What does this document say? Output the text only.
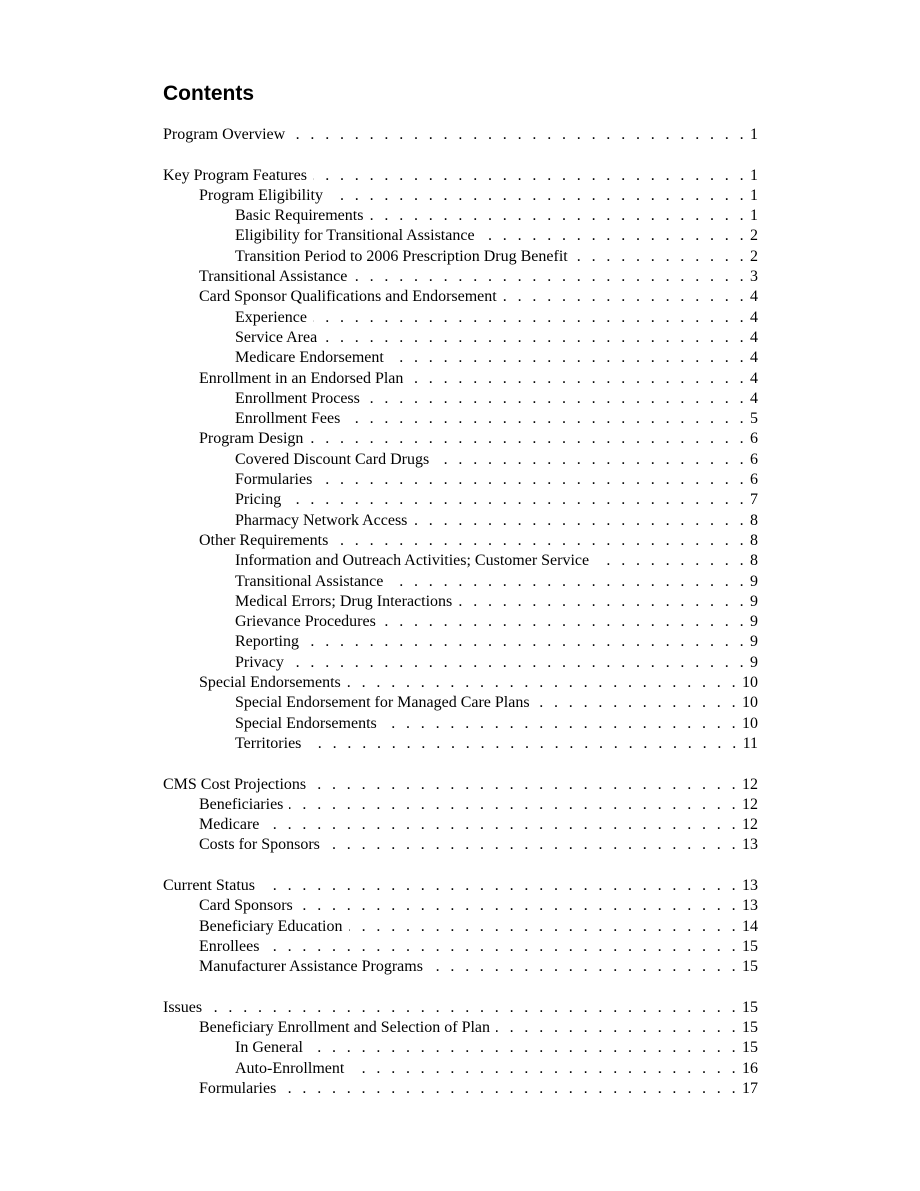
Contents
Program Overview . . .	1
Key Program Features . . .	1
Program Eligibility . . .	1
Basic Requirements . . .	1
Eligibility for Transitional Assistance . . .	2
Transition Period to 2006 Prescription Drug Benefit . . .	2
Transitional Assistance . . .	3
Card Sponsor Qualifications and Endorsement . . .	4
Experience . . .	4
Service Area . . .	4
Medicare Endorsement . . .	4
Enrollment in an Endorsed Plan . . .	4
Enrollment Process . . .	4
Enrollment Fees . . .	5
Program Design . . .	6
Covered Discount Card Drugs . . .	6
Formularies . . .	6
Pricing . . .	7
Pharmacy Network Access . . .	8
Other Requirements . . .	8
Information and Outreach Activities; Customer Service . . .	8
Transitional Assistance . . .	9
Medical Errors; Drug Interactions . . .	9
Grievance Procedures . . .	9
Reporting . . .	9
Privacy . . .	9
Special Endorsements . . .	10
Special Endorsement for Managed Care Plans . . .	10
Special Endorsements . . .	10
Territories . . .	11
CMS Cost Projections . . .	12
Beneficiaries . . .	12
Medicare . . .	12
Costs for Sponsors . . .	13
Current Status . . .	13
Card Sponsors . . .	13
Beneficiary Education . . .	14
Enrollees . . .	15
Manufacturer Assistance Programs . . .	15
Issues . . .	15
Beneficiary Enrollment and Selection of Plan . . .	15
In General . . .	15
Auto-Enrollment . . .	16
Formularies . . .	17
